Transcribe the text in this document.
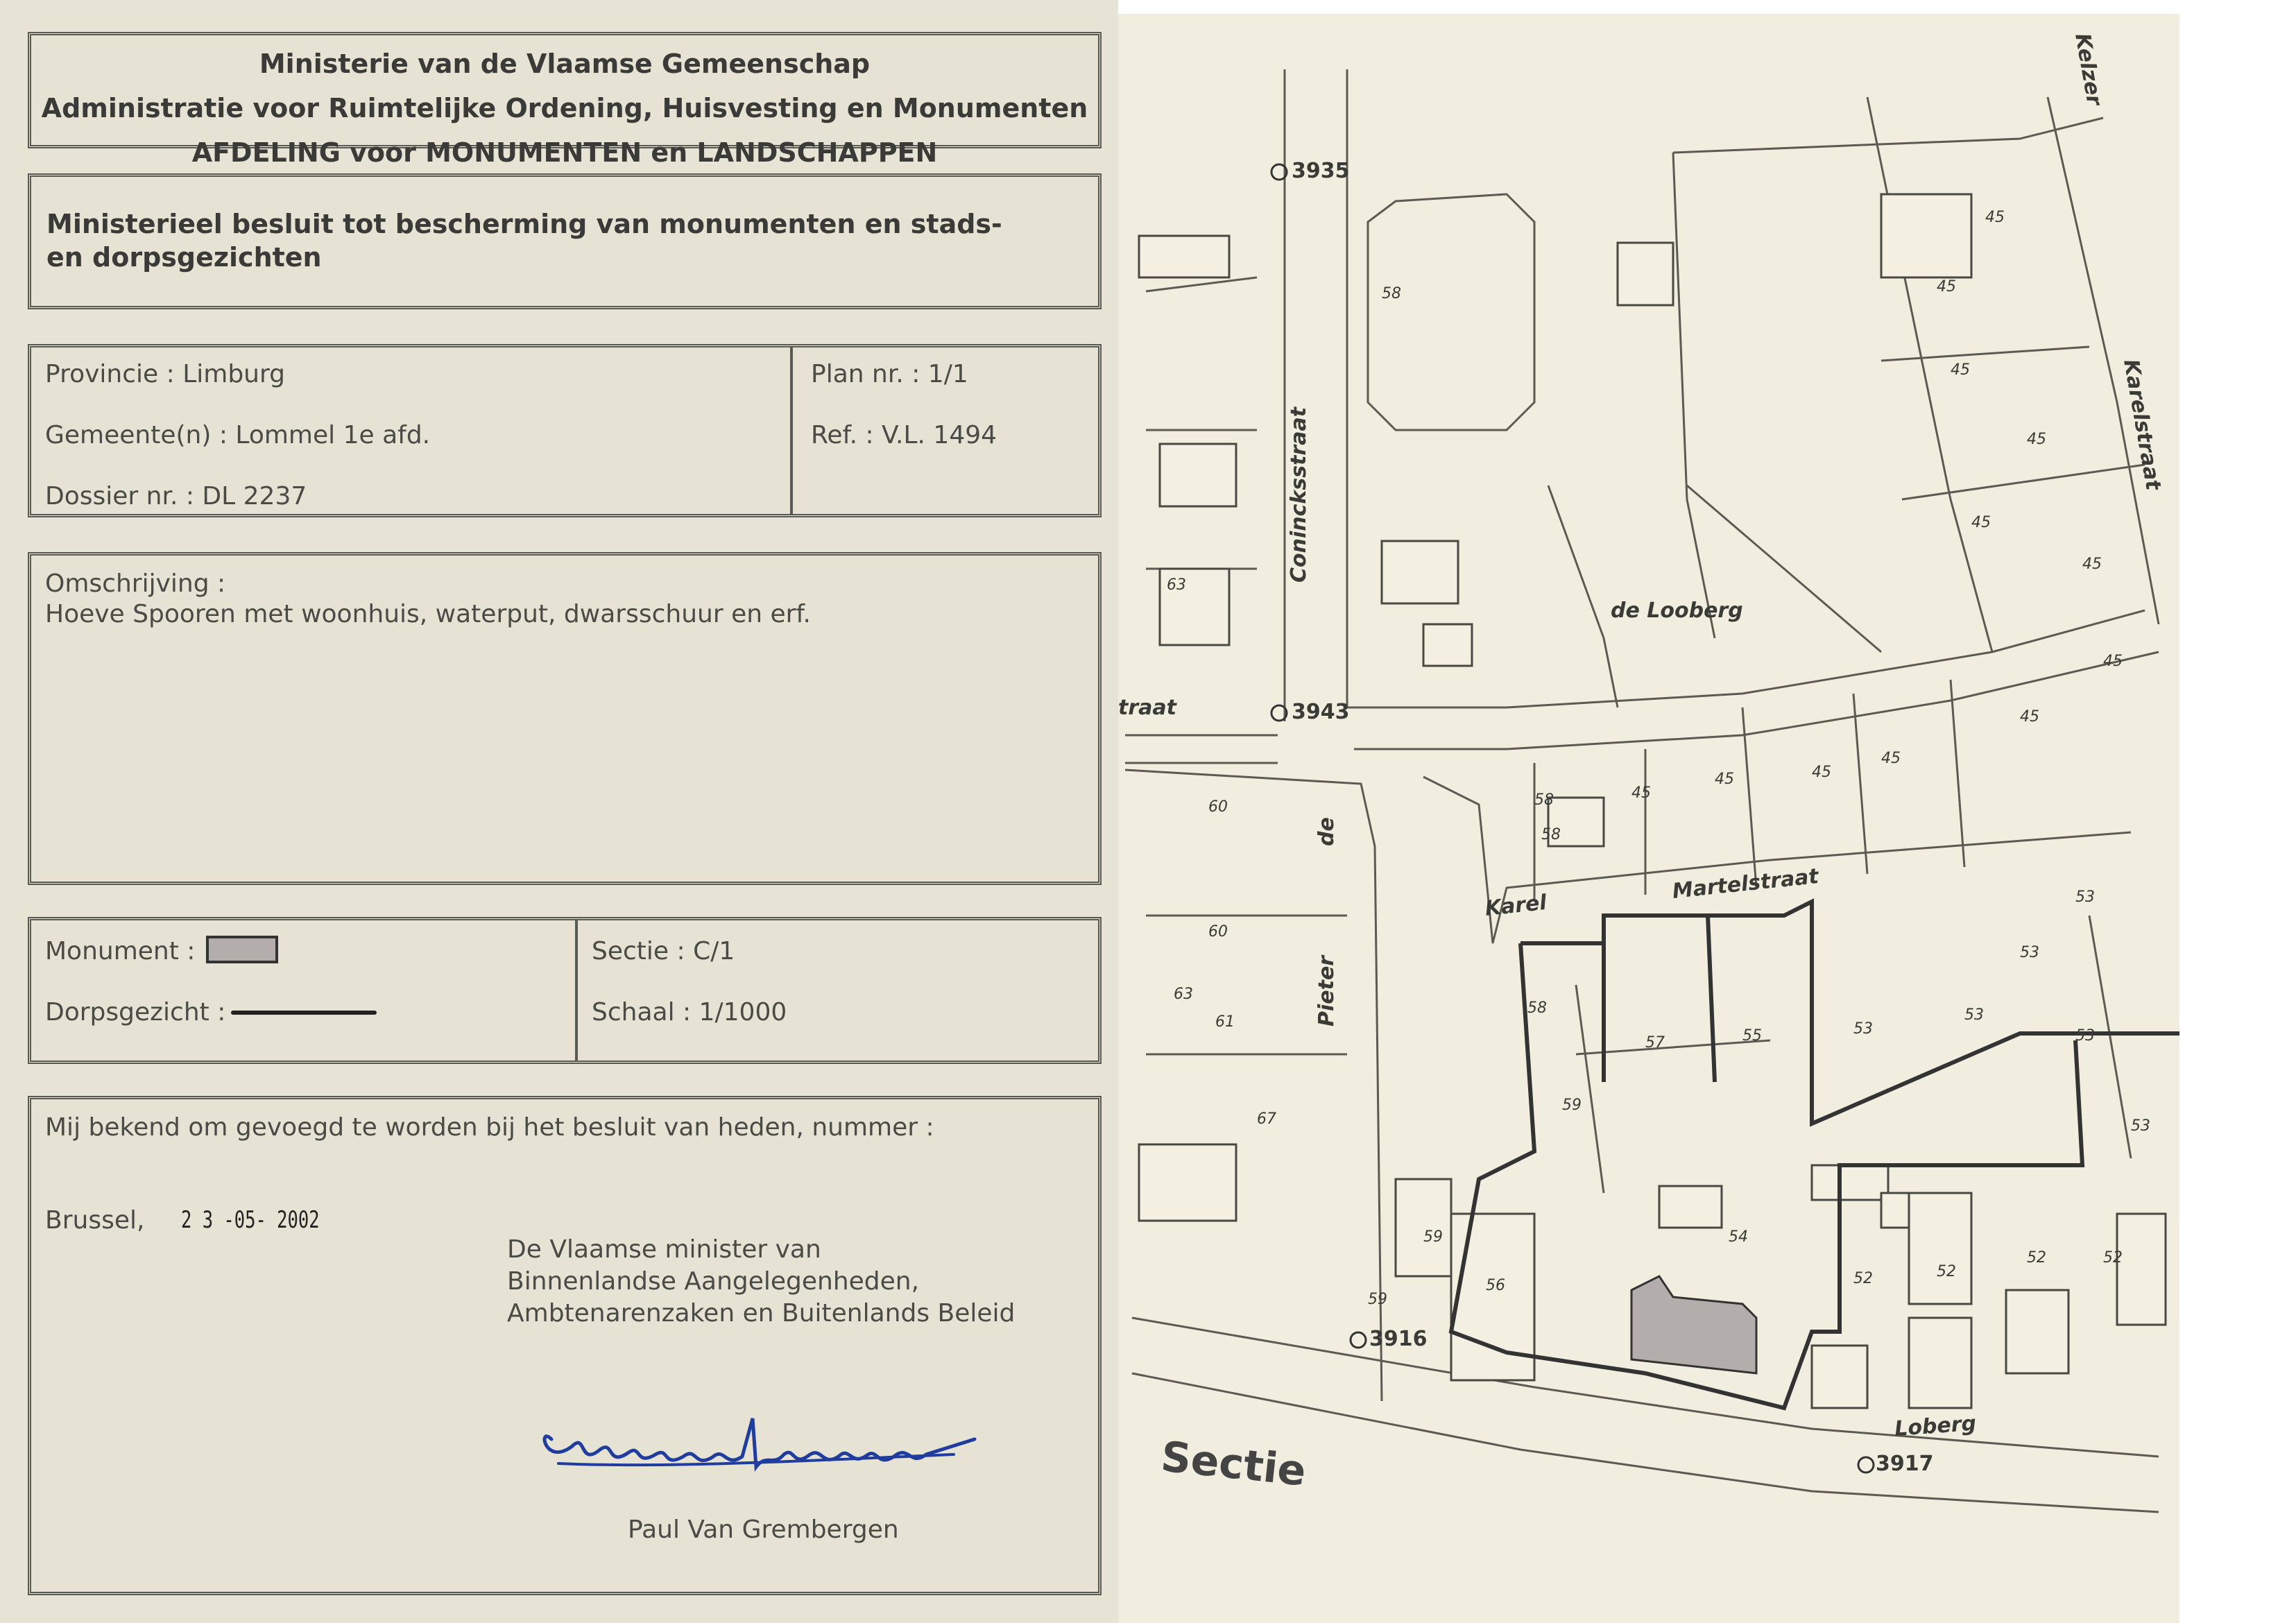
Ministerie van de Vlaamse Gemeenschap
Administratie voor Ruimtelijke Ordening, Huisvesting en Monumenten
AFDELING voor MONUMENTEN en LANDSCHAPPEN
Ministerieel besluit tot bescherming van monumenten en stads- en dorpsgezichten
Provincie : Limburg
Gemeente(n) : Lommel 1e afd.
Dossier nr. : DL 2237
Plan nr. : 1/1
Ref. : V.L. 1494
Omschrijving :
Hoeve Spooren met woonhuis, waterput, dwarsschuur en erf.
Monument :
Dorpsgezicht :
Sectie : C/1
Schaal : 1/1000
Mij bekend om gevoegd te worden bij het besluit van heden, nummer :
Brussel, 2 3 -05- 2002
De Vlaamse minister van
Binnenlandse Aangelegenheden,
Ambtenarenzaken en Buitenlands Beleid
Paul Van Grembergen
3935
3943
3916
3917
traat
de Looberg
Karel
Martelstraat
Loberg
Conincksstraat
Pieter
de
Karelstraat
Kelzer
Sectie
58	45
45
45
45
45
45
45
45
45
45
45
45
58
58
60
60
61
67
63
63
58
57	55	53
53
53
53
53
53
56
54
52	52
52	52
59
59
59
